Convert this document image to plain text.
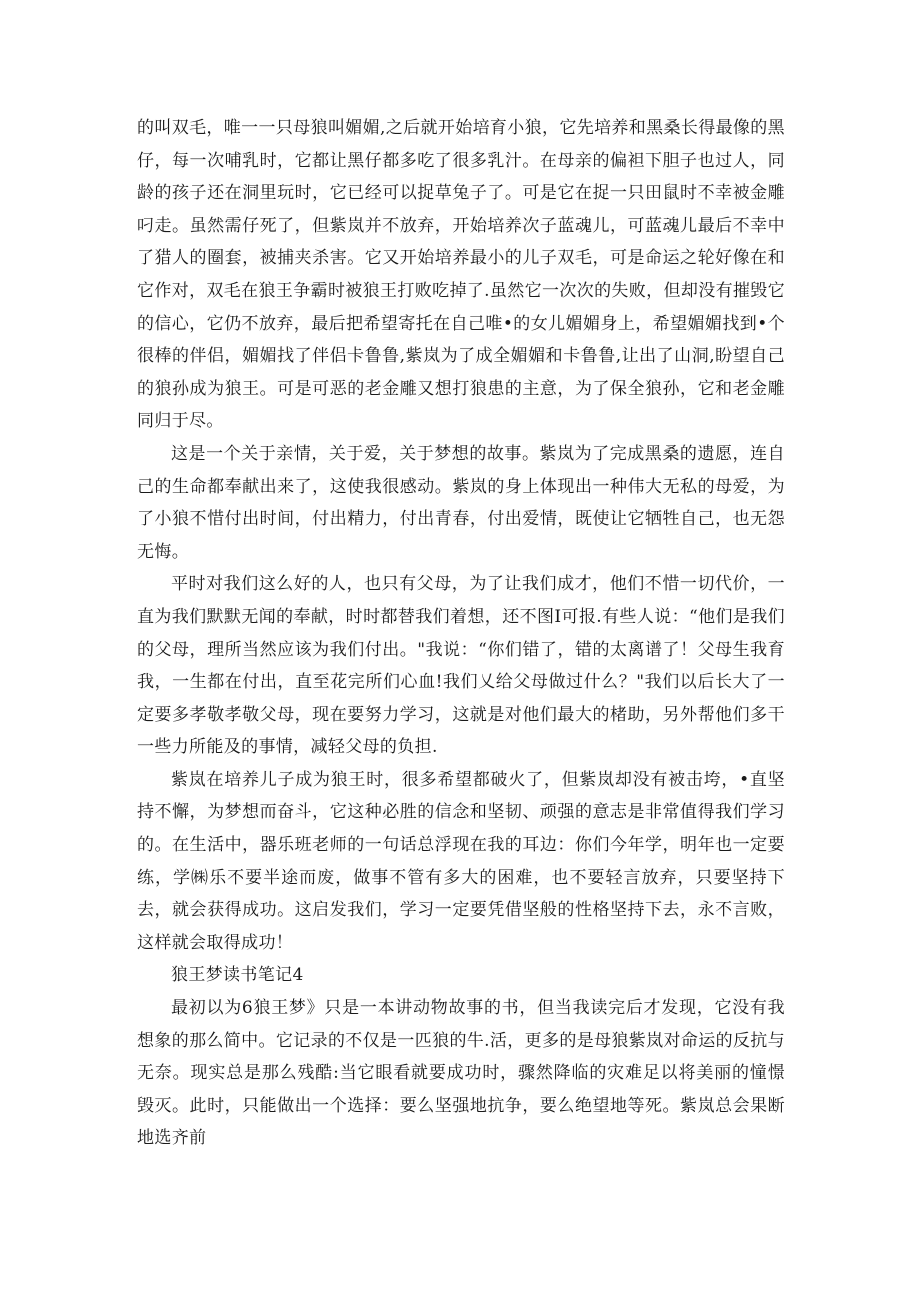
的叫双毛，唯一一只母狼叫媚媚,之后就开始培育小狼，它先培养和黑桑长得最像的黑仔，每一次哺乳时，它都让黑仔都多吃了很多乳汁。在母亲的偏袒下胆子也过人，同龄的孩子还在洞里玩时，它已经可以捉草兔子了。可是它在捉一只田鼠时不幸被金雕叼走。虽然需仔死了，但紫岚并不放弃，开始培养次子蓝魂儿，可蓝魂儿最后不幸中了猎人的圈套，被捕夹杀害。它又开始培养最小的儿子双毛，可是命运之轮好像在和它作对，双毛在狼王争霸时被狼王打败吃掉了.虽然它一次次的失败，但却没有摧毁它的信心，它仍不放弃，最后把希望寄托在自己唯•的女儿媚媚身上，希望媚媚找到•个很棒的伴侣，媚媚找了伴侣卡鲁鲁,紫岚为了成全媚媚和卡鲁鲁,让出了山洞,盼望自己的狼孙成为狼王。可是可恶的老金雕又想打狼患的主意，为了保全狼孙，它和老金雕同归于尽。

这是一个关于亲情，关于爱，关于梦想的故事。紫岚为了完成黑桑的遗愿，连自己的生命都奉献出来了，这使我很感动。紫岚的身上体现出一种伟大无私的母爱，为了小狼不惜付出时间，付出精力，付出青春，付出爱情，既使让它牺牲自己，也无怨无悔。

平时对我们这么好的人，也只有父母，为了让我们成才，他们不惜一切代价，一直为我们默默无闻的奉献，时时都替我们着想，还不图I可报.有些人说：“他们是我们的父母，理所当然应该为我们付出。"我说：“你们错了，错的太离谱了！父母生我育我，一生都在付出，直至花完所们心血!我们乂给父母做过什么？"我们以后长大了一定要多孝敬孝敬父母，现在要努力学习，这就是对他们最大的楮助，另外帮他们多干一些力所能及的事情，减轻父母的负担.

紫岚在培养儿子成为狼王时，很多希望都破火了，但紫岚却没有被击垮，•直坚持不懈，为梦想而奋斗，它这种必胜的信念和坚韧、顽强的意志是非常值得我们学习的。在生活中，器乐班老师的一句话总浮现在我的耳边：你们今年学，明年也一定要练，学㈱乐不要半途而废，做事不管有多大的困难，也不要轻言放弃，只要坚持下去，就会获得成功。这启发我们，学习一定要凭借坚般的性格坚持下去，永不言败，这样就会取得成功！

狼王梦读书笔记4

最初以为6狼王梦》只是一本讲动物故事的书，但当我读完后才发现，它没有我想象的那么简中。它记录的不仅是一匹狼的牛.活，更多的是母狼紫岚对命运的反抗与无奈。现实总是那么残酷:当它眼看就要成功时，骤然降临的灾难足以将美丽的憧憬毁灭。此时，只能做出一个选择：要么坚强地抗争，要么绝望地等死。紫岚总会果断地选齐前
